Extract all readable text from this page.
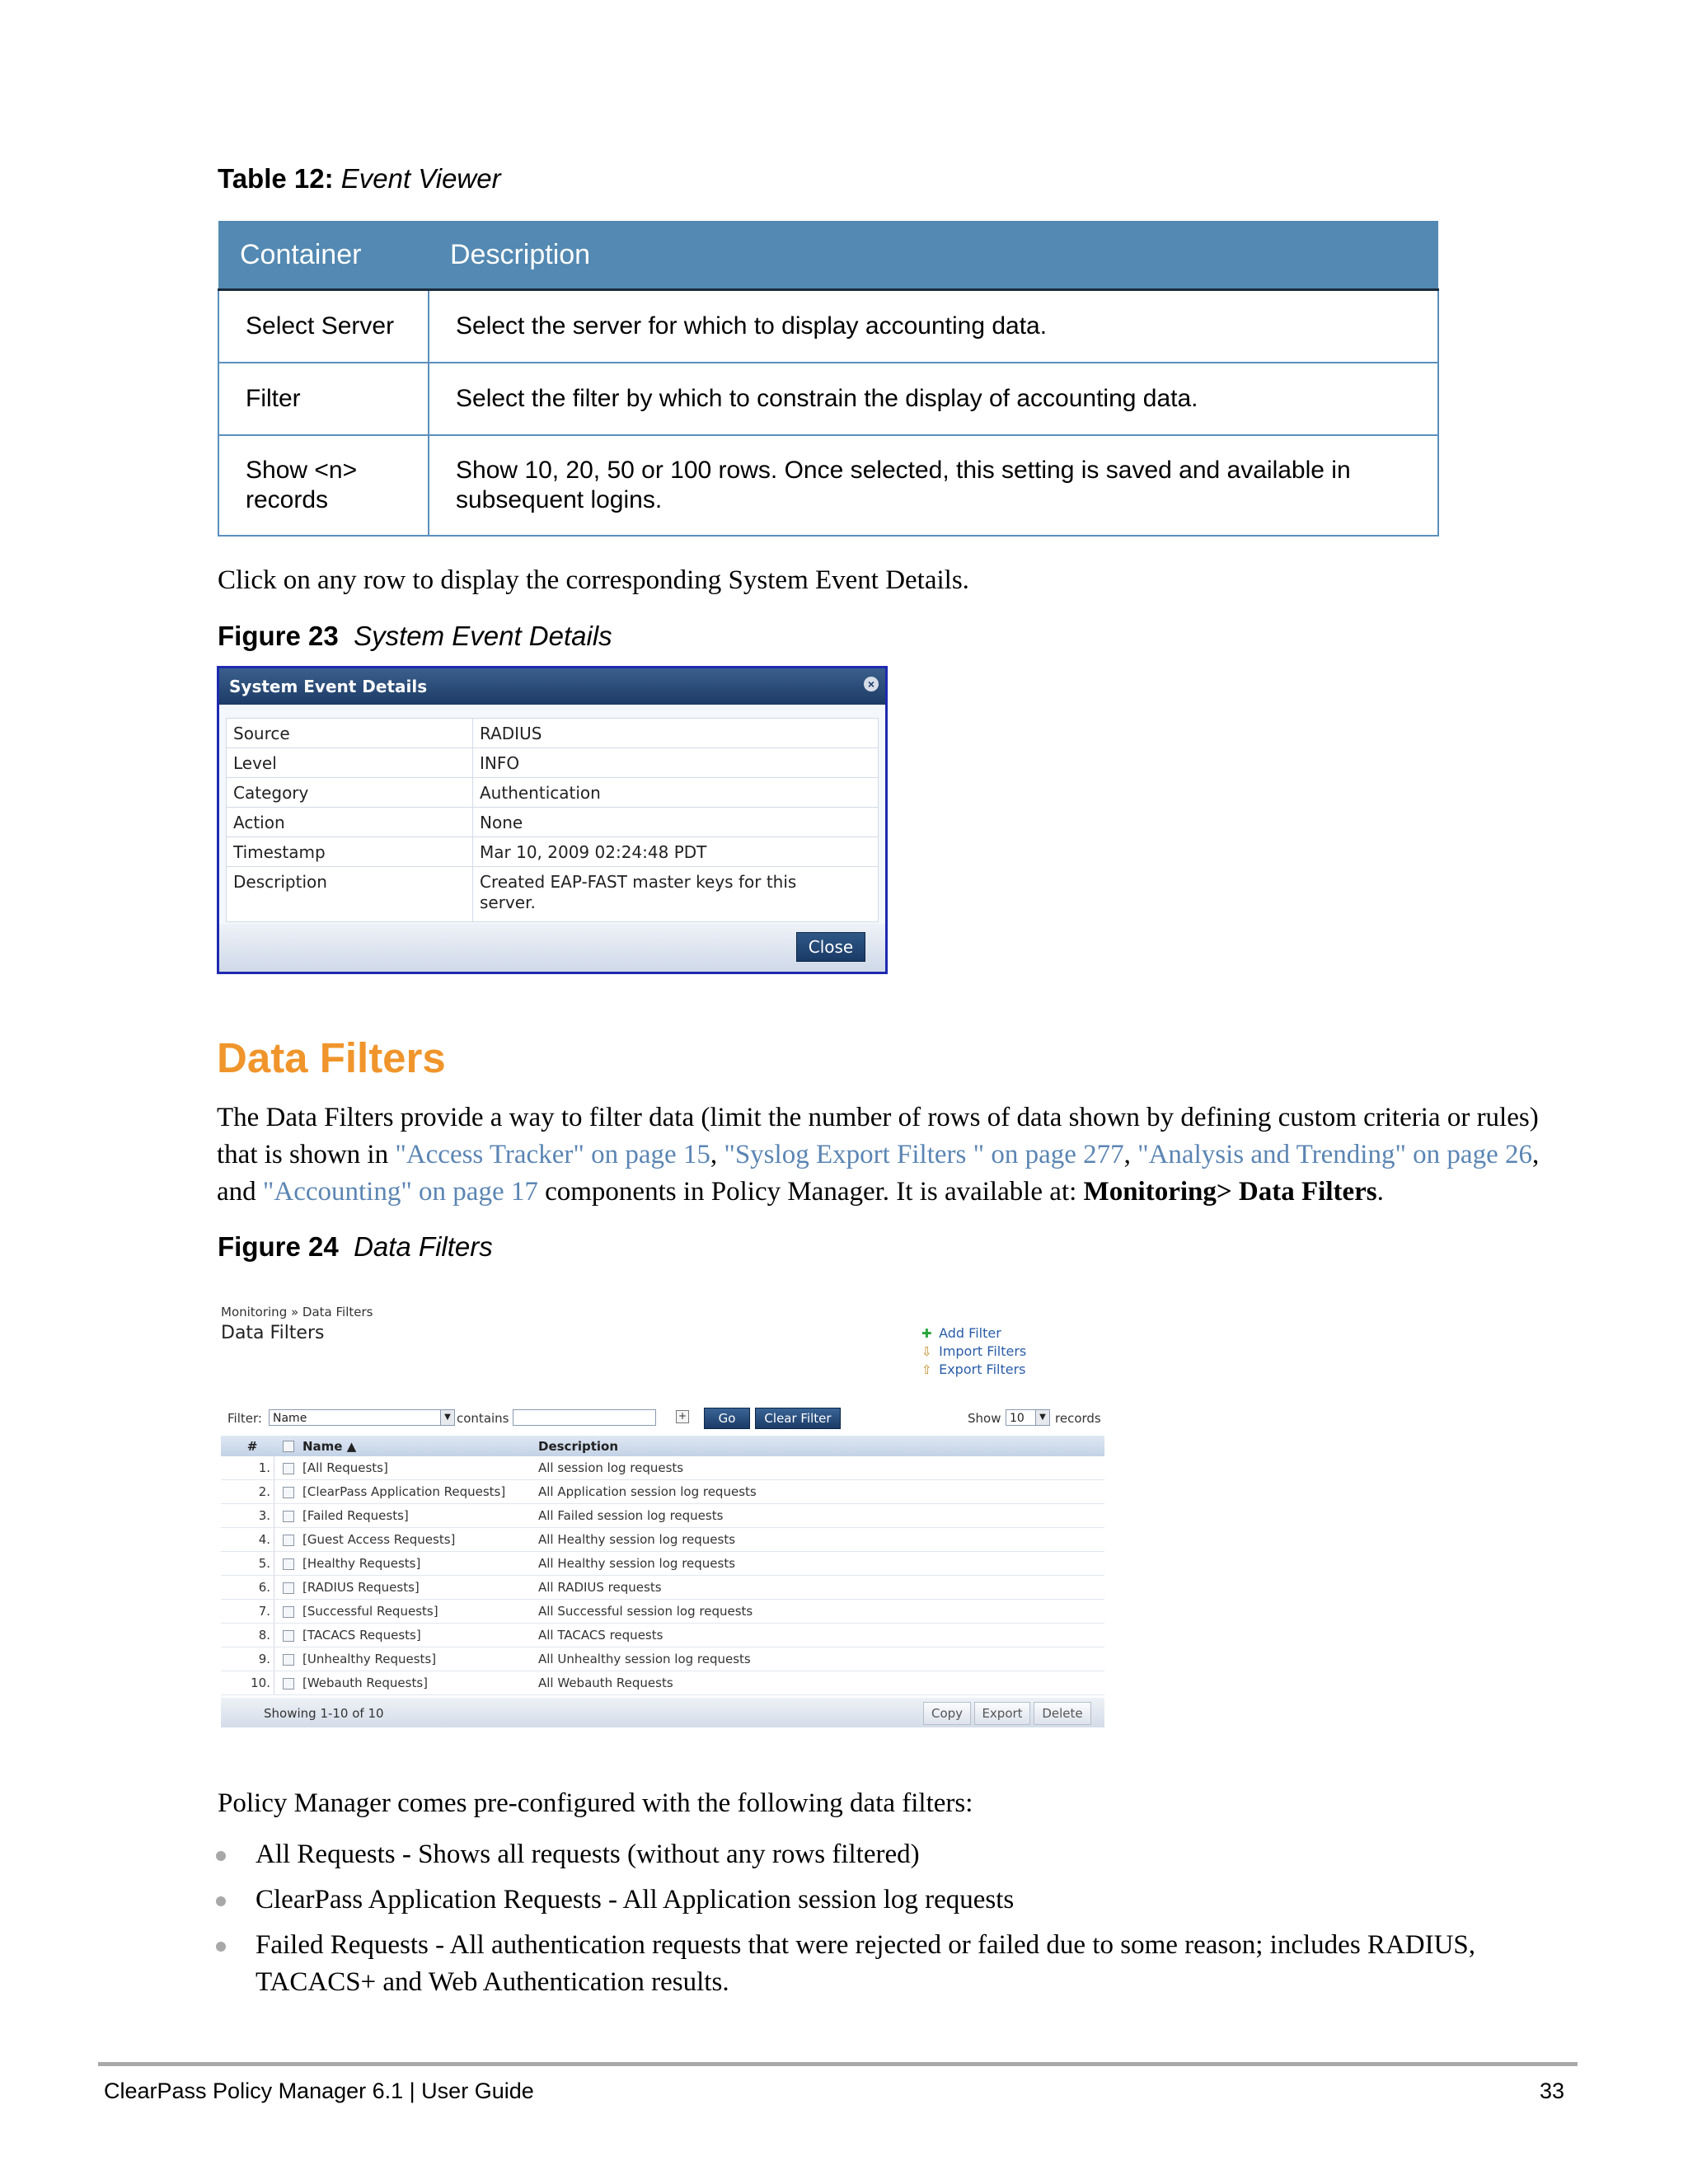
Table 12: Event Viewer
Container	Description
Select Server	Select the server for which to display accounting data.
Filter	Select the filter by which to constrain the display of accounting data.

Show <n> records	Show 10, 20, 50 or 100 rows. Once selected, this setting is saved and available in subsequent logins.
Click on any row to display the corresponding System Event Details.
Figure 23 System Event Details
System Event Details	×
Source	RADIUS
Level	INFO
Category	Authentication
Action	None
Timestamp	Mar 10, 2009 02:24:48 PDT
Description	Created EAP-FAST master keys for this server.
Close
Data Filters
The Data Filters provide a way to filter data (limit the number of rows of data shown by defining custom criteria or rules) that is shown in "Access Tracker" on page 15, "Syslog Export Filters " on page 277, "Analysis and Trending" on page 26, and "Accounting" on page 17 components in Policy Manager. It is available at: Monitoring> Data Filters.
Figure 24 Data Filters
Monitoring » Data Filters
Data Filters	✚ Add Filter
⇩ Import Filters
⇧ Export Filters
Filter: Name	▼ contains	+	Go	Clear Filter	Show 10	▼ records
#		Name ▲	Description
1.		[All Requests]	All session log requests
2.		[ClearPass Application Requests]	All Application session log requests
3.		[Failed Requests]	All Failed session log requests
4.		[Guest Access Requests]	All Healthy session log requests
5.		[Healthy Requests]	All Healthy session log requests
6.		[RADIUS Requests]	All RADIUS requests
7.		[Successful Requests]	All Successful session log requests
8.		[TACACS Requests]	All TACACS requests
9.		[Unhealthy Requests]	All Unhealthy session log requests
10.		[Webauth Requests]	All Webauth Requests
Showing 1-10 of 10	Copy	Export	Delete
Policy Manager comes pre-configured with the following data filters:
All Requests - Shows all requests (without any rows filtered)
ClearPass Application Requests - All Application session log requests
Failed Requests - All authentication requests that were rejected or failed due to some reason; includes RADIUS, TACACS+ and Web Authentication results.
ClearPass Policy Manager 6.1 | User Guide	33
